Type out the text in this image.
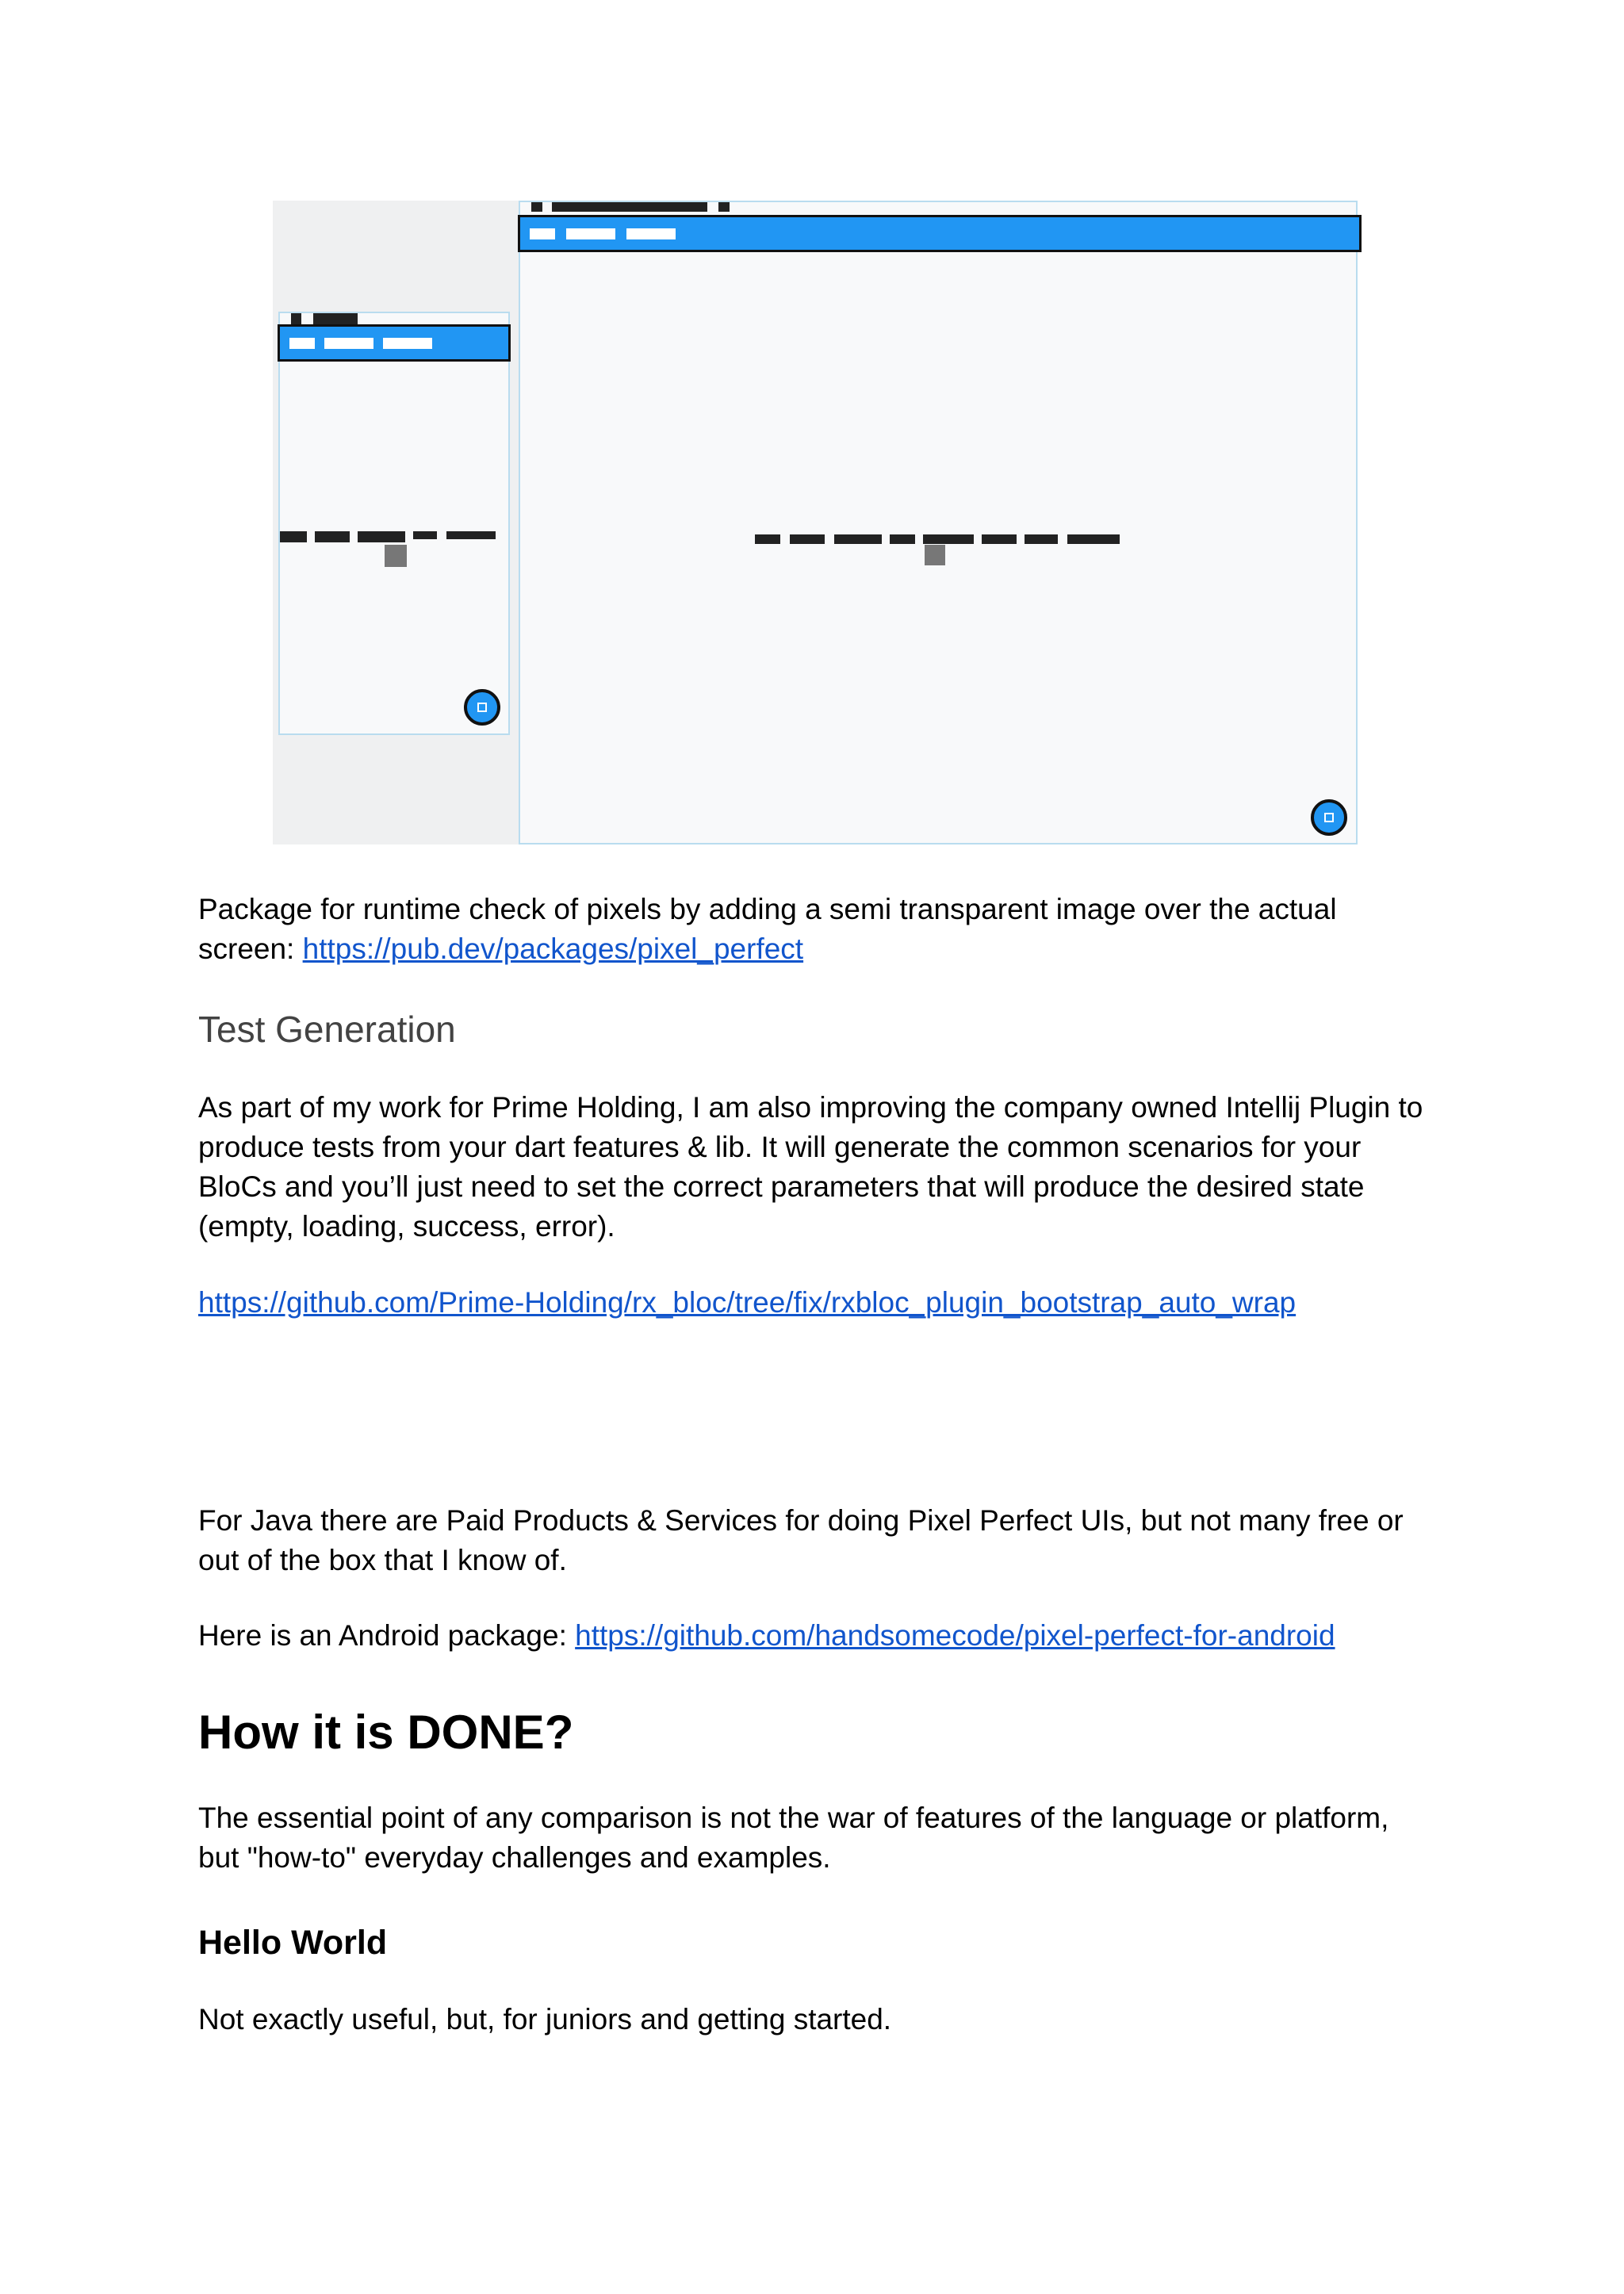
Package for runtime check of pixels by adding a semi transparent image over the actual screen: https://pub.dev/packages/pixel_perfect

Test Generation

As part of my work for Prime Holding, I am also improving the company owned Intellij Plugin to produce tests from your dart features & lib. It will generate the common scenarios for your BloCs and you’ll just need to set the correct parameters that will produce the desired state (empty, loading, success, error).

https://github.com/Prime-Holding/rx_bloc/tree/fix/rxbloc_plugin_bootstrap_auto_wrap

For Java there are Paid Products & Services for doing Pixel Perfect UIs, but not many free or out of the box that I know of.

Here is an Android package: https://github.com/handsomecode/pixel-perfect-for-android

How it is DONE?

The essential point of any comparison is not the war of features of the language or platform, but "how-to" everyday challenges and examples.

Hello World

Not exactly useful, but, for juniors and getting started.
